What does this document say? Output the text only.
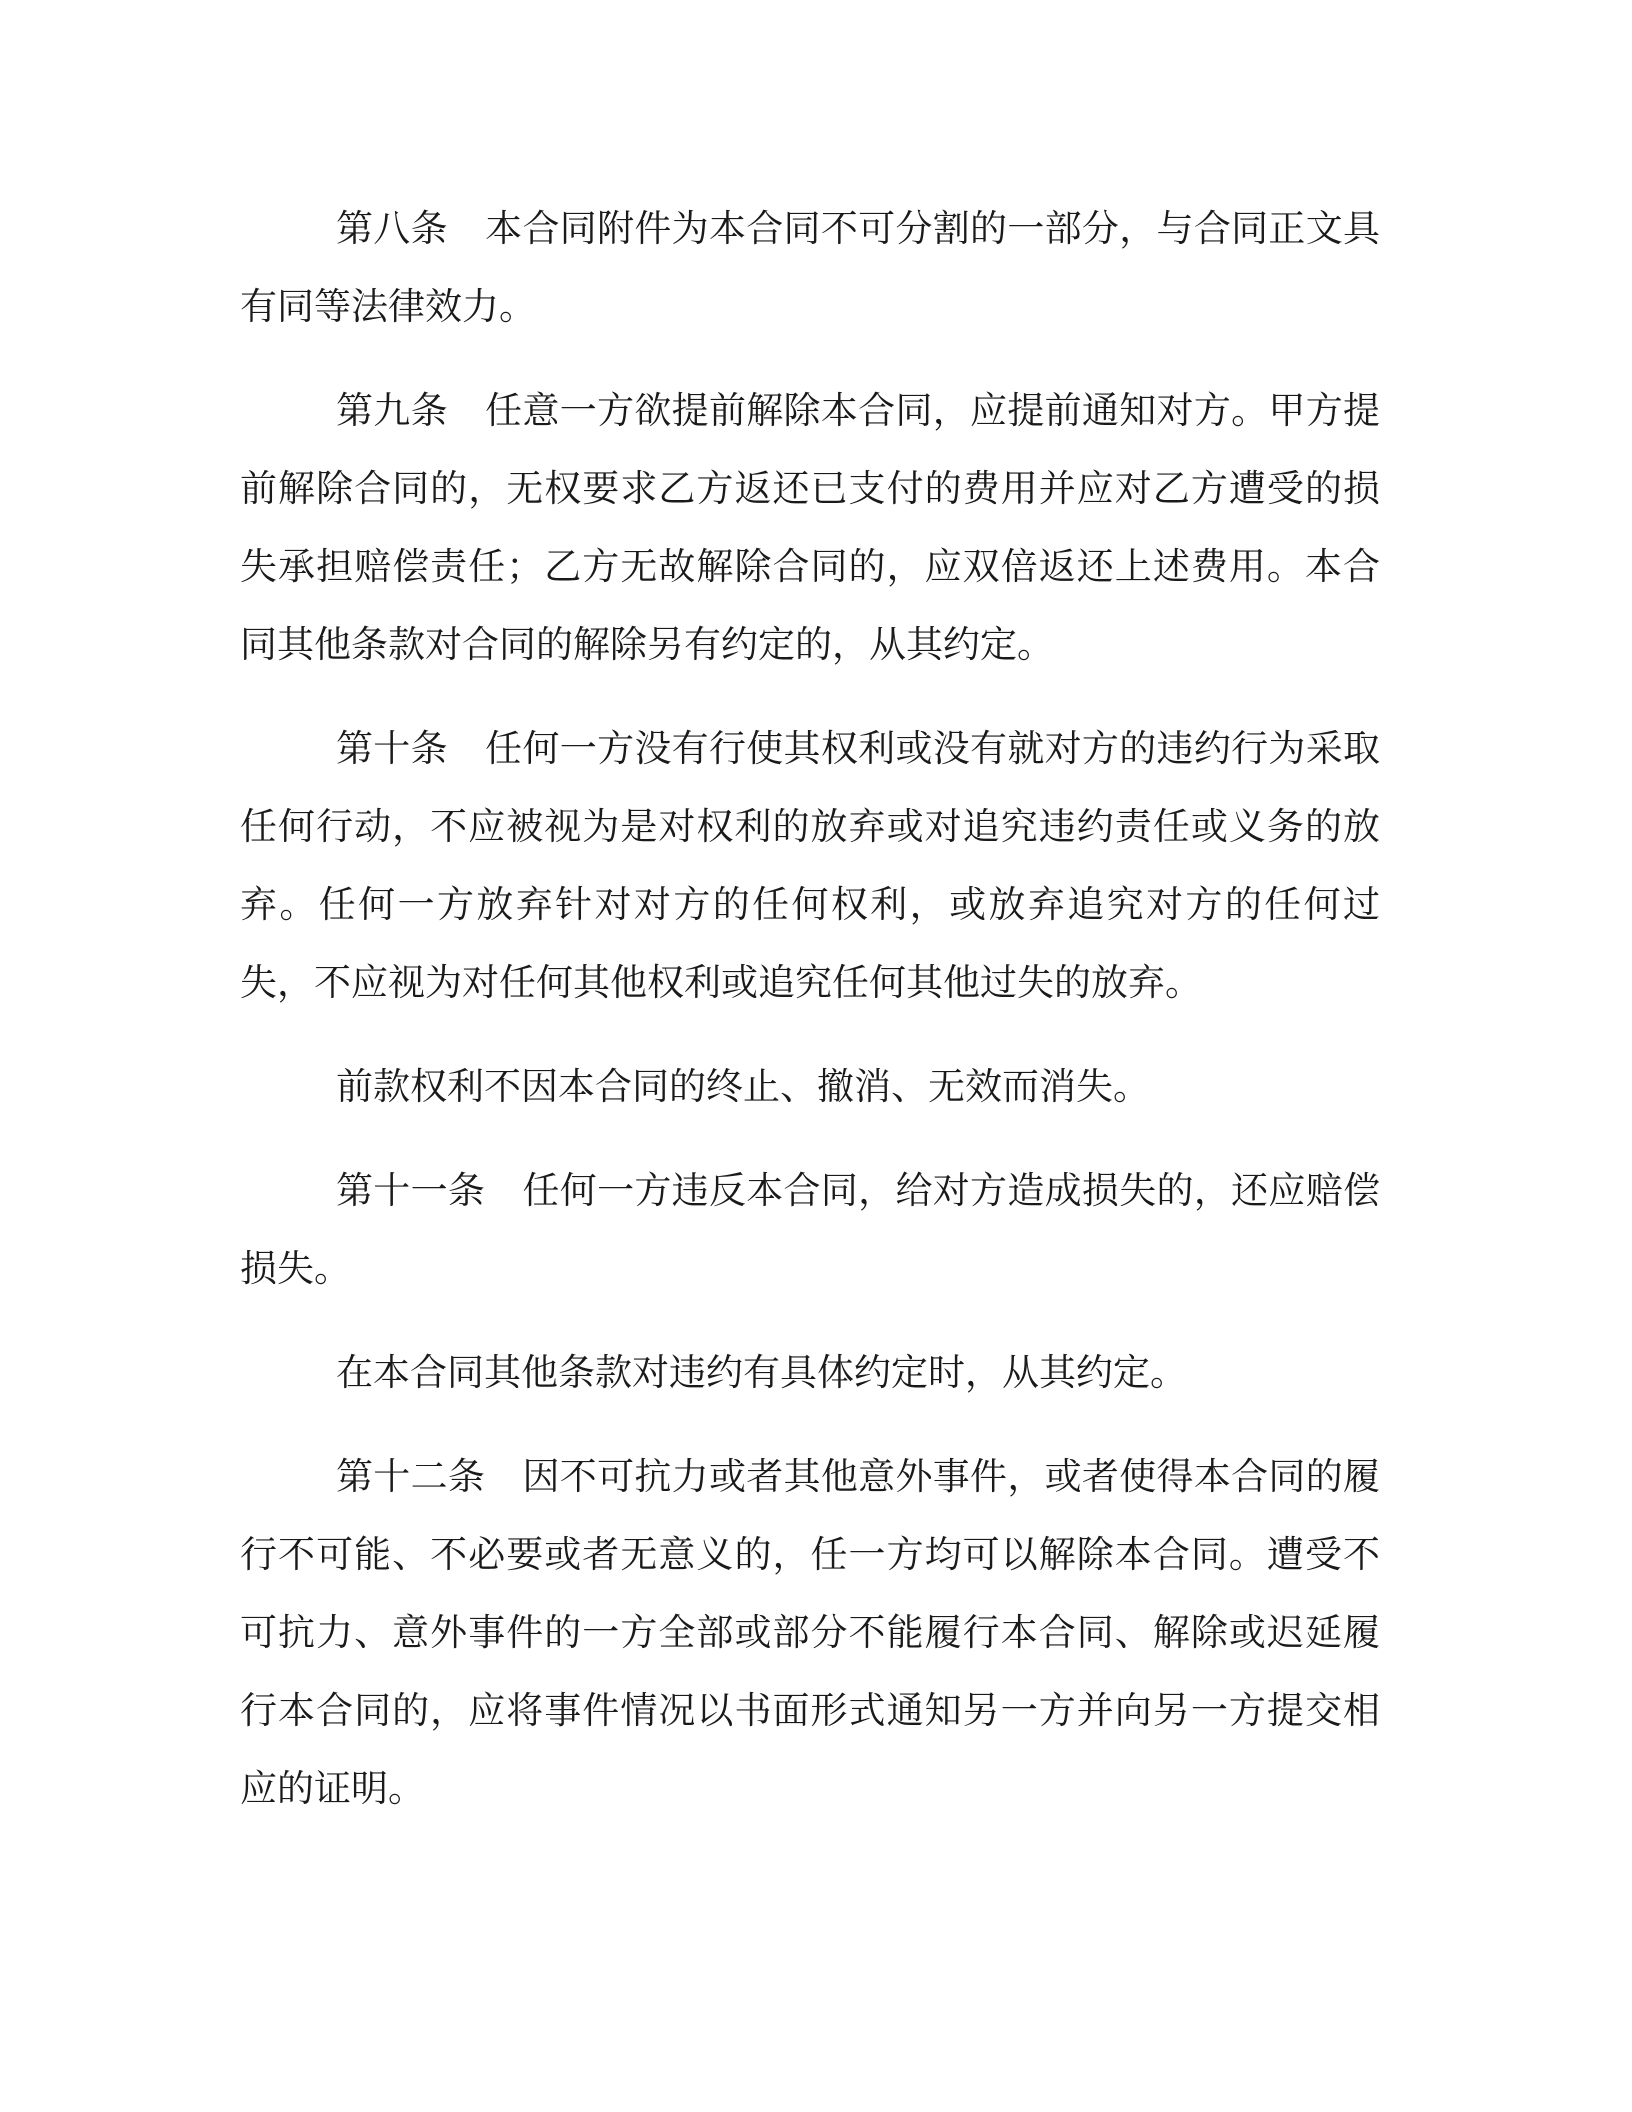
第八条　本合同附件为本合同不可分割的一部分，与合同正文具有同等法律效力。

第九条　任意一方欲提前解除本合同，应提前通知对方。甲方提前解除合同的，无权要求乙方返还已支付的费用并应对乙方遭受的损失承担赔偿责任；乙方无故解除合同的，应双倍返还上述费用。本合同其他条款对合同的解除另有约定的，从其约定。

第十条　任何一方没有行使其权利或没有就对方的违约行为采取任何行动，不应被视为是对权利的放弃或对追究违约责任或义务的放弃。任何一方放弃针对对方的任何权利，或放弃追究对方的任何过失，不应视为对任何其他权利或追究任何其他过失的放弃。

前款权利不因本合同的终止、撤消、无效而消失。

第十一条　任何一方违反本合同，给对方造成损失的，还应赔偿损失。

在本合同其他条款对违约有具体约定时，从其约定。

第十二条　因不可抗力或者其他意外事件，或者使得本合同的履行不可能、不必要或者无意义的，任一方均可以解除本合同。遭受不可抗力、意外事件的一方全部或部分不能履行本合同、解除或迟延履行本合同的，应将事件情况以书面形式通知另一方并向另一方提交相应的证明。
